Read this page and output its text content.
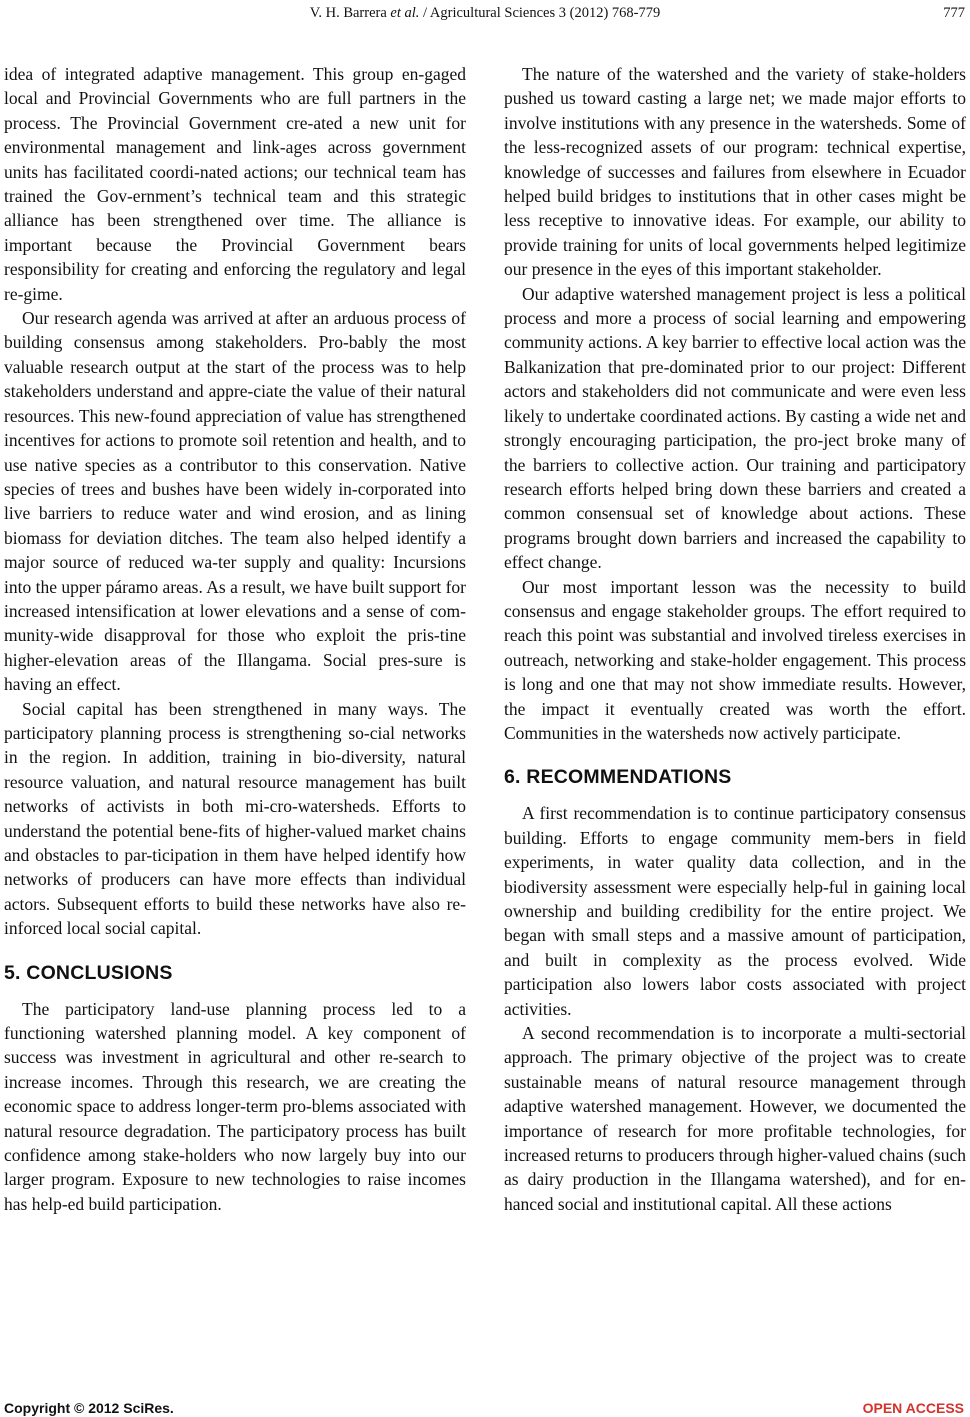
V. H. Barrera et al. / Agricultural Sciences 3 (2012) 768-779	777

idea of integrated adaptive management. This group en-gaged local and Provincial Governments who are full partners in the process. The Provincial Government cre-ated a new unit for environmental management and link-ages across government units has facilitated coordi-nated actions; our technical team has trained the Gov-ernment’s technical team and this strategic alliance has been strengthened over time. The alliance is important because the Provincial Government bears responsibility for creating and enforcing the regulatory and legal re-gime.

Our research agenda was arrived at after an arduous process of building consensus among stakeholders. Pro-bably the most valuable research output at the start of the process was to help stakeholders understand and appre-ciate the value of their natural resources. This new-found appreciation of value has strengthened incentives for actions to promote soil retention and health, and to use native species as a contributor to this conservation. Native species of trees and bushes have been widely in-corporated into live barriers to reduce water and wind erosion, and as lining biomass for deviation ditches. The team also helped identify a major source of reduced wa-ter supply and quality: Incursions into the upper páramo areas. As a result, we have built support for increased intensification at lower elevations and a sense of com-munity-wide disapproval for those who exploit the pris-tine higher-elevation areas of the Illangama. Social pres-sure is having an effect.

Social capital has been strengthened in many ways. The participatory planning process is strengthening so-cial networks in the region. In addition, training in bio-diversity, natural resource valuation, and natural resource management has built networks of activists in both mi-cro-watersheds. Efforts to understand the potential bene-fits of higher-valued market chains and obstacles to par-ticipation in them have helped identify how networks of producers can have more effects than individual actors. Subsequent efforts to build these networks have also re-inforced local social capital.

5. CONCLUSIONS

The participatory land-use planning process led to a functioning watershed planning model. A key component of success was investment in agricultural and other re-search to increase incomes. Through this research, we are creating the economic space to address longer-term pro-blems associated with natural resource degradation. The participatory process has built confidence among stake-holders who now largely buy into our larger program. Exposure to new technologies to raise incomes has help-ed build participation.

The nature of the watershed and the variety of stake-holders pushed us toward casting a large net; we made major efforts to involve institutions with any presence in the watersheds. Some of the less-recognized assets of our program: technical expertise, knowledge of successes and failures from elsewhere in Ecuador helped build bridges to institutions that in other cases might be less receptive to innovative ideas. For example, our ability to provide training for units of local governments helped legitimize our presence in the eyes of this important stakeholder.

Our adaptive watershed management project is less a political process and more a process of social learning and empowering community actions. A key barrier to effective local action was the Balkanization that pre-dominated prior to our project: Different actors and stakeholders did not communicate and were even less likely to undertake coordinated actions. By casting a wide net and strongly encouraging participation, the pro-ject broke many of the barriers to collective action. Our training and participatory research efforts helped bring down these barriers and created a common consensual set of knowledge about actions. These programs brought down barriers and increased the capability to effect change.

Our most important lesson was the necessity to build consensus and engage stakeholder groups. The effort required to reach this point was substantial and involved tireless exercises in outreach, networking and stake-holder engagement. This process is long and one that may not show immediate results. However, the impact it eventually created was worth the effort. Communities in the watersheds now actively participate.

6. RECOMMENDATIONS

A first recommendation is to continue participatory consensus building. Efforts to engage community mem-bers in field experiments, in water quality data collection, and in the biodiversity assessment were especially help-ful in gaining local ownership and building credibility for the entire project. We began with small steps and a massive amount of participation, and built in complexity as the process evolved. Wide participation also lowers labor costs associated with project activities.

A second recommendation is to incorporate a multi-sectorial approach. The primary objective of the project was to create sustainable means of natural resource management through adaptive watershed management. However, we documented the importance of research for more profitable technologies, for increased returns to producers through higher-valued chains (such as dairy production in the Illangama watershed), and for en-hanced social and institutional capital. All these actions

Copyright © 2012 SciRes.	OPEN ACCESS
